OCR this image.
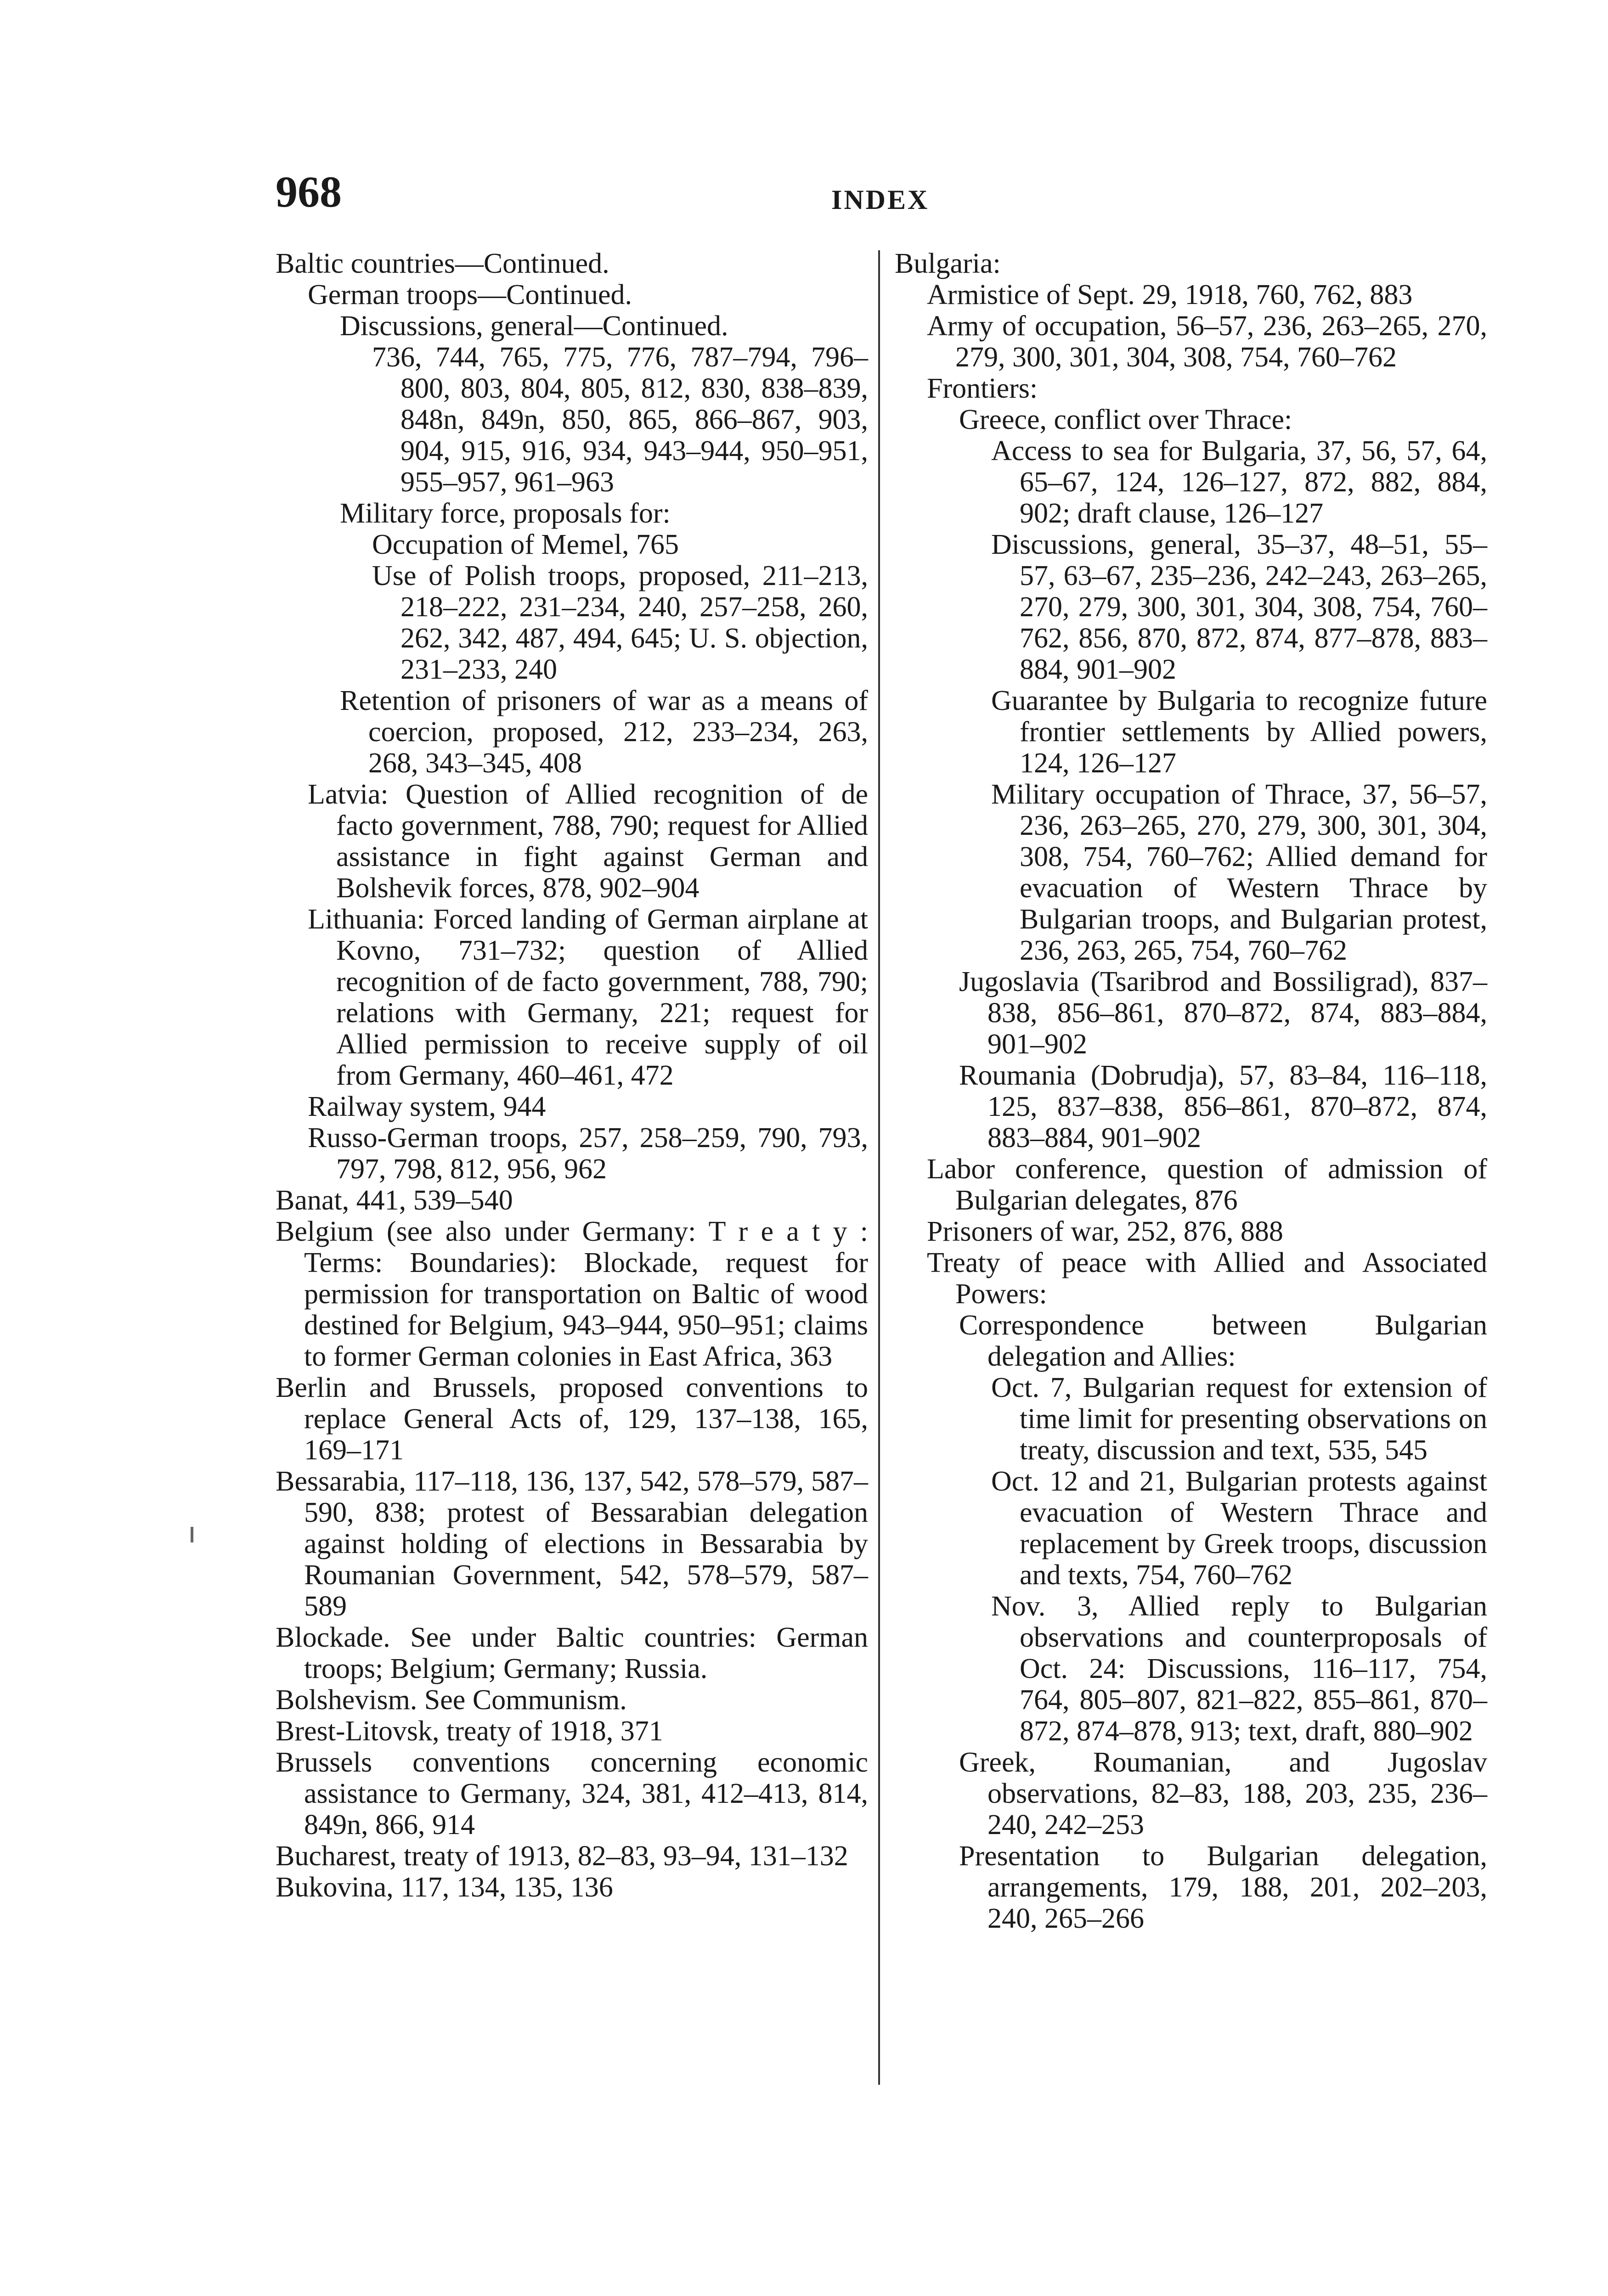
968	INDEX

Baltic countries—Continued.

German troops—Continued.

Discussions, general—Continued.

736, 744, 765, 775, 776, 787–794, 796–800, 803, 804, 805, 812, 830, 838–839, 848n, 849n, 850, 865, 866–867, 903, 904, 915, 916, 934, 943–944, 950–951, 955–957, 961–963

Military force, proposals for:

Occupation of Memel, 765

Use of Polish troops, proposed, 211–213, 218–222, 231–234, 240, 257–258, 260, 262, 342, 487, 494, 645; U. S. objection, 231–233, 240

Retention of prisoners of war as a means of coercion, proposed, 212, 233–234, 263, 268, 343–345, 408

Latvia: Question of Allied recognition of de facto government, 788, 790; request for Allied assistance in fight against German and Bolshevik forces, 878, 902–904

Lithuania: Forced landing of German airplane at Kovno, 731–732; question of Allied recognition of de facto government, 788, 790; relations with Germany, 221; request for Allied permission to receive supply of oil from Germany, 460–461, 472

Railway system, 944

Russo-German troops, 257, 258–259, 790, 793, 797, 798, 812, 956, 962

Banat, 441, 539–540

Belgium (see also under Germany: T r e a t y : Terms: Boundaries): Blockade, request for permission for transportation on Baltic of wood destined for Belgium, 943–944, 950–951; claims to former German colonies in East Africa, 363

Berlin and Brussels, proposed conventions to replace General Acts of, 129, 137–138, 165, 169–171

Bessarabia, 117–118, 136, 137, 542, 578–579, 587–590, 838; protest of Bessarabian delegation against holding of elections in Bessarabia by Roumanian Government, 542, 578–579, 587–589

Blockade. See under Baltic countries: German troops; Belgium; Germany; Russia.

Bolshevism. See Communism.

Brest-Litovsk, treaty of 1918, 371

Brussels conventions concerning economic assistance to Germany, 324, 381, 412–413, 814, 849n, 866, 914

Bucharest, treaty of 1913, 82–83, 93–94, 131–132

Bukovina, 117, 134, 135, 136

Bulgaria:

Armistice of Sept. 29, 1918, 760, 762, 883

Army of occupation, 56–57, 236, 263–265, 270, 279, 300, 301, 304, 308, 754, 760–762

Frontiers:

Greece, conflict over Thrace:

Access to sea for Bulgaria, 37, 56, 57, 64, 65–67, 124, 126–127, 872, 882, 884, 902; draft clause, 126–127

Discussions, general, 35–37, 48–51, 55–57, 63–67, 235–236, 242–243, 263–265, 270, 279, 300, 301, 304, 308, 754, 760–762, 856, 870, 872, 874, 877–878, 883–884, 901–902

Guarantee by Bulgaria to recognize future frontier settlements by Allied powers, 124, 126–127

Military occupation of Thrace, 37, 56–57, 236, 263–265, 270, 279, 300, 301, 304, 308, 754, 760–762; Allied demand for evacuation of Western Thrace by Bulgarian troops, and Bulgarian protest, 236, 263, 265, 754, 760–762

Jugoslavia (Tsaribrod and Bossiligrad), 837–838, 856–861, 870–872, 874, 883–884, 901–902

Roumania (Dobrudja), 57, 83–84, 116–118, 125, 837–838, 856–861, 870–872, 874, 883–884, 901–902

Labor conference, question of admission of Bulgarian delegates, 876

Prisoners of war, 252, 876, 888

Treaty of peace with Allied and Associated Powers:

Correspondence between Bulgarian delegation and Allies:

Oct. 7, Bulgarian request for extension of time limit for presenting observations on treaty, discussion and text, 535, 545

Oct. 12 and 21, Bulgarian protests against evacuation of Western Thrace and replacement by Greek troops, discussion and texts, 754, 760–762

Nov. 3, Allied reply to Bulgarian observations and counterproposals of Oct. 24: Discussions, 116–117, 754, 764, 805–807, 821–822, 855–861, 870–872, 874–878, 913; text, draft, 880–902

Greek, Roumanian, and Jugoslav observations, 82–83, 188, 203, 235, 236–240, 242–253

Presentation to Bulgarian delegation, arrangements, 179, 188, 201, 202–203, 240, 265–266
